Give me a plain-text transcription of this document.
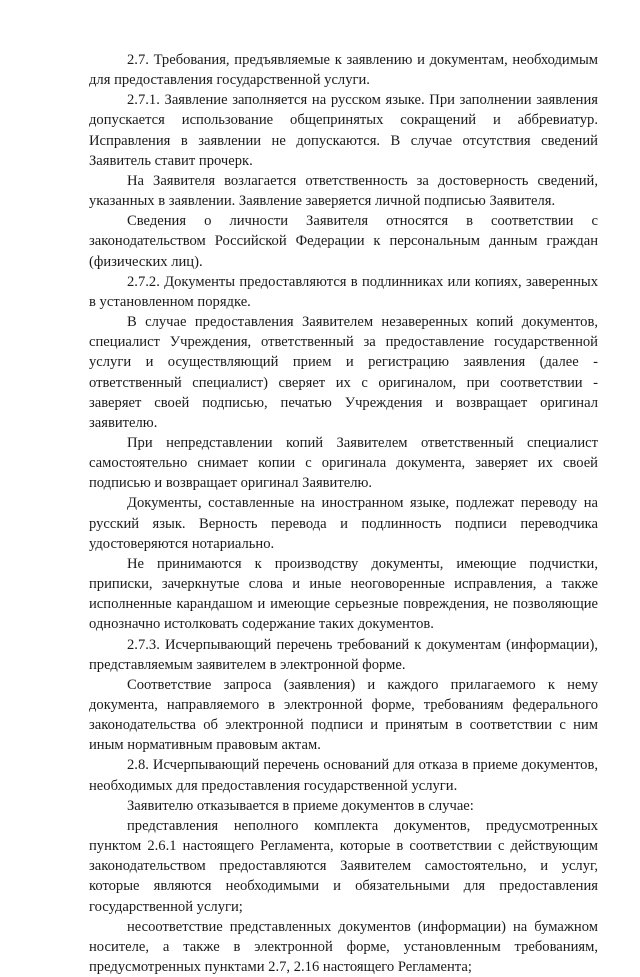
2.7. Требования, предъявляемые к заявлению и документам, необходимым для предоставления государственной услуги.

2.7.1. Заявление заполняется на русском языке. При заполнении заявления допускается использование общепринятых сокращений и аббревиатур. Исправления в заявлении не допускаются. В случае отсутствия сведений Заявитель ставит прочерк.

На Заявителя возлагается ответственность за достоверность сведений, указанных в заявлении. Заявление заверяется личной подписью Заявителя.

Сведения о личности Заявителя относятся в соответствии с законодательством Российской Федерации к персональным данным граждан (физических лиц).

2.7.2. Документы предоставляются в подлинниках или копиях, заверенных в установленном порядке.

В случае предоставления Заявителем незаверенных копий документов, специалист Учреждения, ответственный за предоставление государственной услуги и осуществляющий прием и регистрацию заявления (далее - ответственный специалист) сверяет их с оригиналом, при соответствии - заверяет своей подписью, печатью Учреждения и возвращает оригинал заявителю.

При непредставлении копий Заявителем ответственный специалист самостоятельно снимает копии с оригинала документа, заверяет их своей подписью и возвращает оригинал Заявителю.

Документы, составленные на иностранном языке, подлежат переводу на русский язык. Верность перевода и подлинность подписи переводчика удостоверяются нотариально.

Не принимаются к производству документы, имеющие подчистки, приписки, зачеркнутые слова и иные неоговоренные исправления, а также исполненные карандашом и имеющие серьезные повреждения, не позволяющие однозначно истолковать содержание таких документов.

2.7.3. Исчерпывающий перечень требований к документам (информации), представляемым заявителем в электронной форме.

Соответствие запроса (заявления) и каждого прилагаемого к нему документа, направляемого в электронной форме, требованиям федерального законодательства об электронной подписи и принятым в соответствии с ним иным нормативным правовым актам.

2.8. Исчерпывающий перечень оснований для отказа в приеме документов, необходимых для предоставления государственной услуги.

Заявителю отказывается в приеме документов в случае:

представления неполного комплекта документов, предусмотренных пунктом 2.6.1 настоящего Регламента, которые в соответствии с действующим законодательством предоставляются Заявителем самостоятельно, и услуг, которые являются необходимыми и обязательными для предоставления государственной услуги;

несоответствие представленных документов (информации) на бумажном носителе, а также в электронной форме, установленным требованиям, предусмотренных пунктами 2.7, 2.16 настоящего Регламента;
